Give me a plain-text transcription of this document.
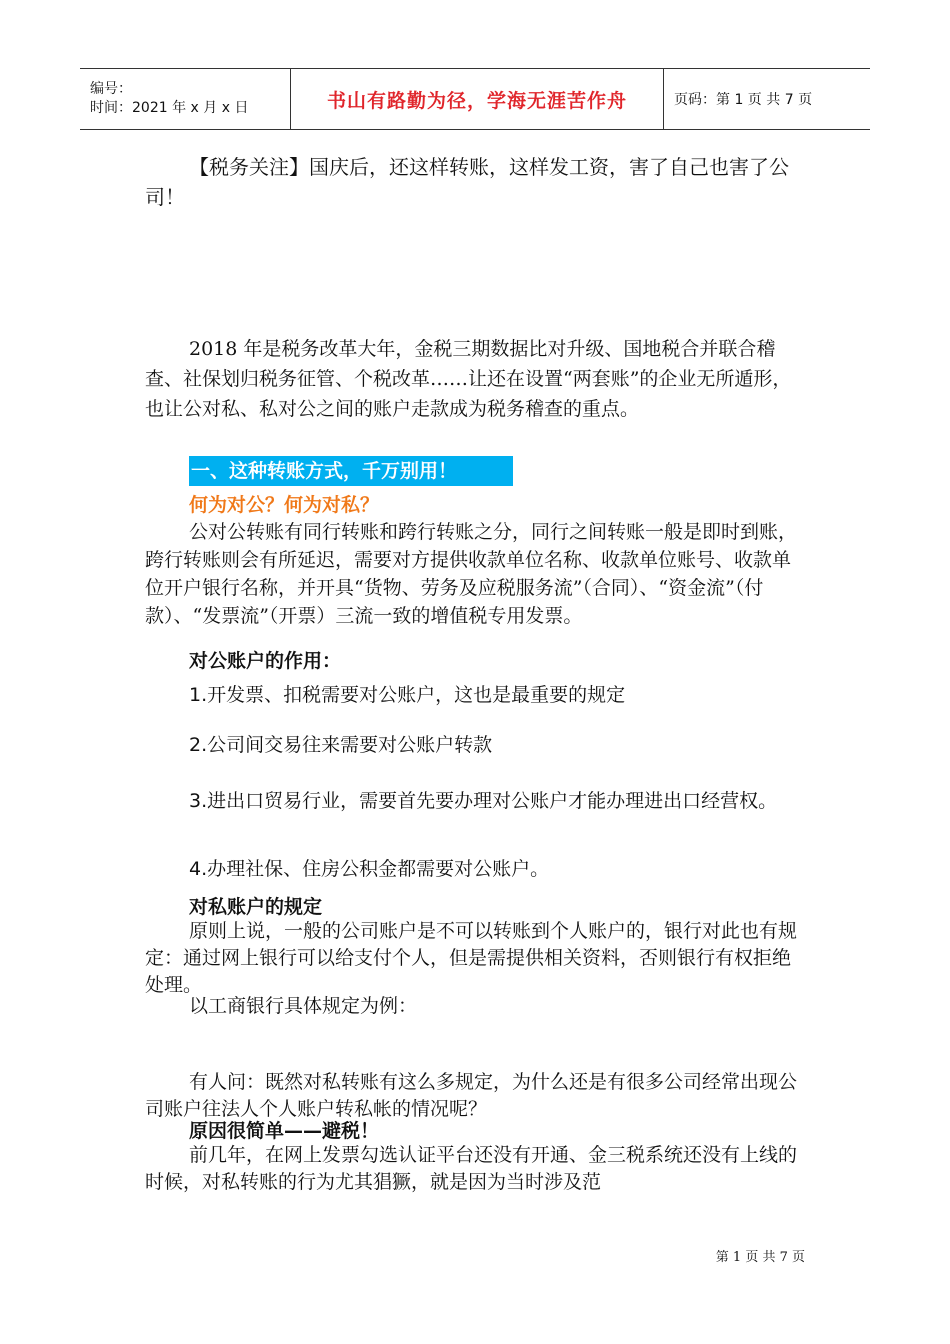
编号：
时间：2021 年 x 月 x 日	书山有路勤为径，学海无涯苦作舟	页码：第 1 页 共 7 页

【税务关注】国庆后，还这样转账，这样发工资，害了自己也害了公司！

2018 年是税务改革大年，金税三期数据比对升级、国地税合并联合稽查、社保划归税务征管、个税改革……让还在设置“两套账”的企业无所遁形，也让公对私、私对公之间的账户走款成为税务稽查的重点。

一、这种转账方式，千万别用！

何为对公？何为对私？

公对公转账有同行转账和跨行转账之分，同行之间转账一般是即时到账，跨行转账则会有所延迟，需要对方提供收款单位名称、收款单位账号、收款单位开户银行名称，并开具“货物、劳务及应税服务流”（合同）、“资金流”（付款）、“发票流”（开票）三流一致的增值税专用发票。

对公账户的作用：

1.开发票、扣税需要对公账户，这也是最重要的规定

2.公司间交易往来需要对公账户转款

3.进出口贸易行业，需要首先要办理对公账户才能办理进出口经营权。

4.办理社保、住房公积金都需要对公账户。

对私账户的规定

原则上说，一般的公司账户是不可以转账到个人账户的，银行对此也有规定：通过网上银行可以给支付个人，但是需提供相关资料，否则银行有权拒绝处理。

以工商银行具体规定为例：

有人问：既然对私转账有这么多规定，为什么还是有很多公司经常出现公司账户往法人个人账户转私帐的情况呢？

原因很简单——避税！

前几年，在网上发票勾选认证平台还没有开通、金三税系统还没有上线的时候，对私转账的行为尤其猖獗，就是因为当时涉及范

第 1 页 共 7 页
